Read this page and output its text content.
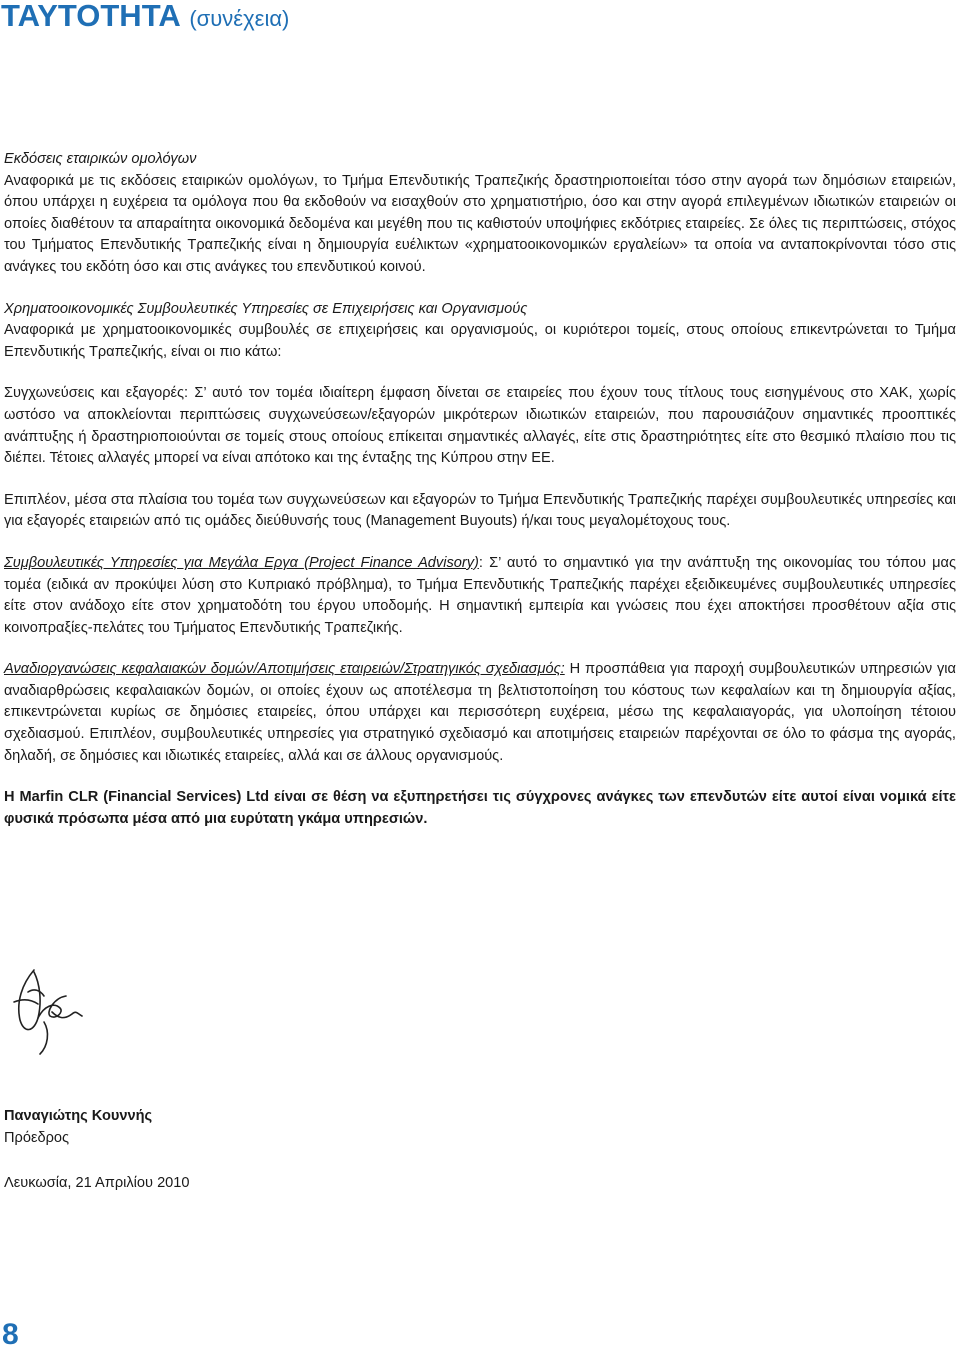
ΤΑΥΤΟΤΗΤΑ (συνέχεια)

Εκδόσεις εταιρικών ομολόγων

Αναφορικά με τις εκδόσεις εταιρικών ομολόγων, το Τμήμα Επενδυτικής Τραπεζικής δραστηριοποιείται τόσο στην αγορά των δημόσιων εταιρειών, όπου υπάρχει η ευχέρεια τα ομόλογα που θα εκδοθούν να εισαχθούν στο χρηματιστήριο, όσο και στην αγορά επιλεγμένων ιδιωτικών εταιρειών οι οποίες διαθέτουν τα απαραίτητα οικονομικά δεδομένα και μεγέθη που τις καθιστούν υποψήφιες εκδότριες εταιρείες. Σε όλες τις περιπτώσεις, στόχος του Τμήματος Επενδυτικής Τραπεζικής είναι η δημιουργία ευέλικτων «χρηματοοικονομικών εργαλείων» τα οποία να ανταποκρίνονται τόσο στις ανάγκες του εκδότη όσο και στις ανάγκες του επενδυτικού κοινού.

Χρηματοοικονομικές Συμβουλευτικές Υπηρεσίες σε Επιχειρήσεις και Οργανισμούς

Αναφορικά με χρηματοοικονομικές συμβουλές σε επιχειρήσεις και οργανισμούς, οι κυριότεροι τομείς, στους οποίους επικεντρώνεται το Τμήμα Επενδυτικής Τραπεζικής, είναι οι πιο κάτω:

Συγχωνεύσεις και εξαγορές: Σ’ αυτό τον τομέα ιδιαίτερη έμφαση δίνεται σε εταιρείες που έχουν τους τίτλους τους εισηγμένους στο ΧΑΚ, χωρίς ωστόσο να αποκλείονται περιπτώσεις συγχωνεύσεων/εξαγορών μικρότερων ιδιωτικών εταιρειών, που παρουσιάζουν σημαντικές προοπτικές ανάπτυξης ή δραστηριοποιούνται σε τομείς στους οποίους επίκειται σημαντικές αλλαγές, είτε στις δραστηριότητες είτε στο θεσμικό πλαίσιο που τις διέπει. Τέτοιες αλλαγές μπορεί να είναι απότοκο και της ένταξης της Κύπρου στην ΕΕ.

Επιπλέον, μέσα στα πλαίσια του τομέα των συγχωνεύσεων και εξαγορών το Τμήμα Επενδυτικής Τραπεζικής παρέχει συμβουλευτικές υπηρεσίες και για εξαγορές εταιρειών από τις ομάδες διεύθυνσής τους (Management Buyouts) ή/και τους μεγαλομέτοχους τους.

Συμβουλευτικές Υπηρεσίες για Μεγάλα Εργα (Project Finance Advisory): Σ’ αυτό το σημαντικό για την ανάπτυξη της οικονομίας του τόπου μας τομέα (ειδικά αν προκύψει λύση στο Κυπριακό πρόβλημα), το Τμήμα Επενδυτικής Τραπεζικής παρέχει εξειδικευμένες συμβουλευτικές υπηρεσίες είτε στον ανάδοχο είτε στον χρηματοδότη του έργου υποδομής. Η σημαντική εμπειρία και γνώσεις που έχει αποκτήσει προσθέτουν αξία στις κοινοπραξίες-πελάτες του Τμήματος Επενδυτικής Τραπεζικής.

Αναδιοργανώσεις κεφαλαιακών δομών/Αποτιμήσεις εταιρειών/Στρατηγικός σχεδιασμός: Η προσπάθεια για παροχή συμβουλευτικών υπηρεσιών για αναδιαρθρώσεις κεφαλαιακών δομών, οι οποίες έχουν ως αποτέλεσμα τη βελτιστοποίηση του κόστους των κεφαλαίων και τη δημιουργία αξίας, επικεντρώνεται κυρίως σε δημόσιες εταιρείες, όπου υπάρχει και περισσότερη ευχέρεια, μέσω της κεφαλαιαγοράς, για υλοποίηση τέτοιου σχεδιασμού. Επιπλέον, συμβουλευτικές υπηρεσίες για στρατηγικό σχεδιασμό και αποτιμήσεις εταιρειών παρέχονται σε όλο το φάσμα της αγοράς, δηλαδή, σε δημόσιες και ιδιωτικές εταιρείες, αλλά και σε άλλους οργανισμούς.

Η Marfin CLR (Financial Services) Ltd είναι σε θέση να εξυπηρετήσει τις σύγχρονες ανάγκες των επενδυτών είτε αυτοί είναι νομικά είτε φυσικά πρόσωπα μέσα από μια ευρύτατη γκάμα υπηρεσιών.

Παναγιώτης Κουννής
Πρόεδρος
Λευκωσία, 21 Απριλίου 2010
8
